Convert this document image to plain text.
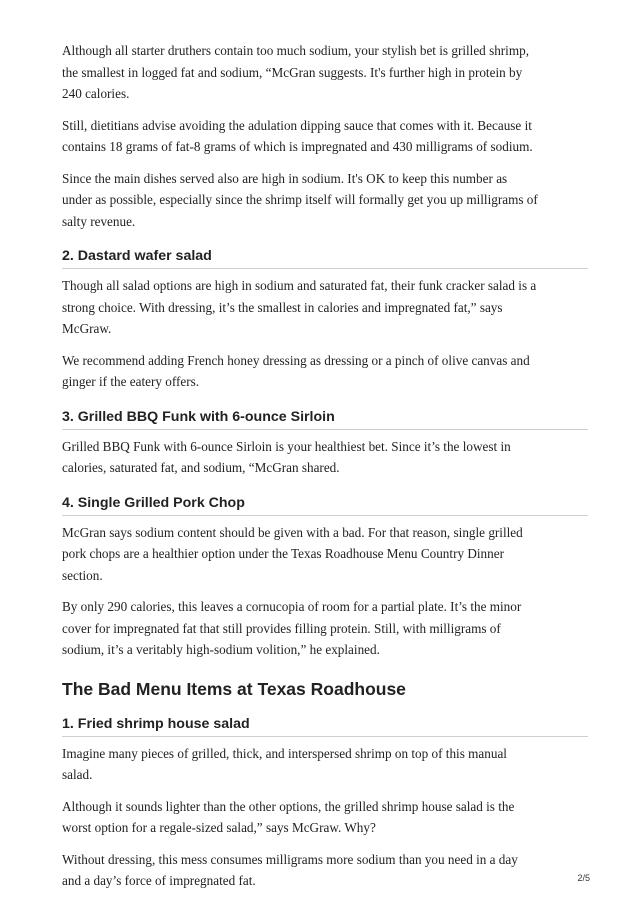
Although all starter druthers contain too much sodium, your stylish bet is grilled shrimp,
the smallest in logged fat and sodium, “McGran suggests. It's further high in protein by
240 calories.

Still, dietitians advise avoiding the adulation dipping sauce that comes with it. Because it
contains 18 grams of fat-8 grams of which is impregnated and 430 milligrams of sodium.

Since the main dishes served also are high in sodium. It's OK to keep this number as
under as possible, especially since the shrimp itself will formally get you up milligrams of
salty revenue.

2. Dastard wafer salad

Though all salad options are high in sodium and saturated fat, their funk cracker salad is a
strong choice. With dressing, it’s the smallest in calories and impregnated fat,” says
McGraw.

We recommend adding French honey dressing as dressing or a pinch of olive canvas and
ginger if the eatery offers.

3. Grilled BBQ Funk with 6-ounce Sirloin

Grilled BBQ Funk with 6-ounce Sirloin is your healthiest bet. Since it’s the lowest in
calories, saturated fat, and sodium, “McGran shared.

4. Single Grilled Pork Chop

McGran says sodium content should be given with a bad. For that reason, single grilled
pork chops are a healthier option under the Texas Roadhouse Menu Country Dinner
section.

By only 290 calories, this leaves a cornucopia of room for a partial plate. It’s the minor
cover for impregnated fat that still provides filling protein. Still, with milligrams of
sodium, it’s a veritably high-sodium volition,” he explained.

The Bad Menu Items at Texas Roadhouse
1. Fried shrimp house salad

Imagine many pieces of grilled, thick, and interspersed shrimp on top of this manual
salad.

Although it sounds lighter than the other options, the grilled shrimp house salad is the
worst option for a regale-sized salad,” says McGraw. Why?

Without dressing, this mess consumes milligrams more sodium than you need in a day
and a day’s force of impregnated fat.	2/5
